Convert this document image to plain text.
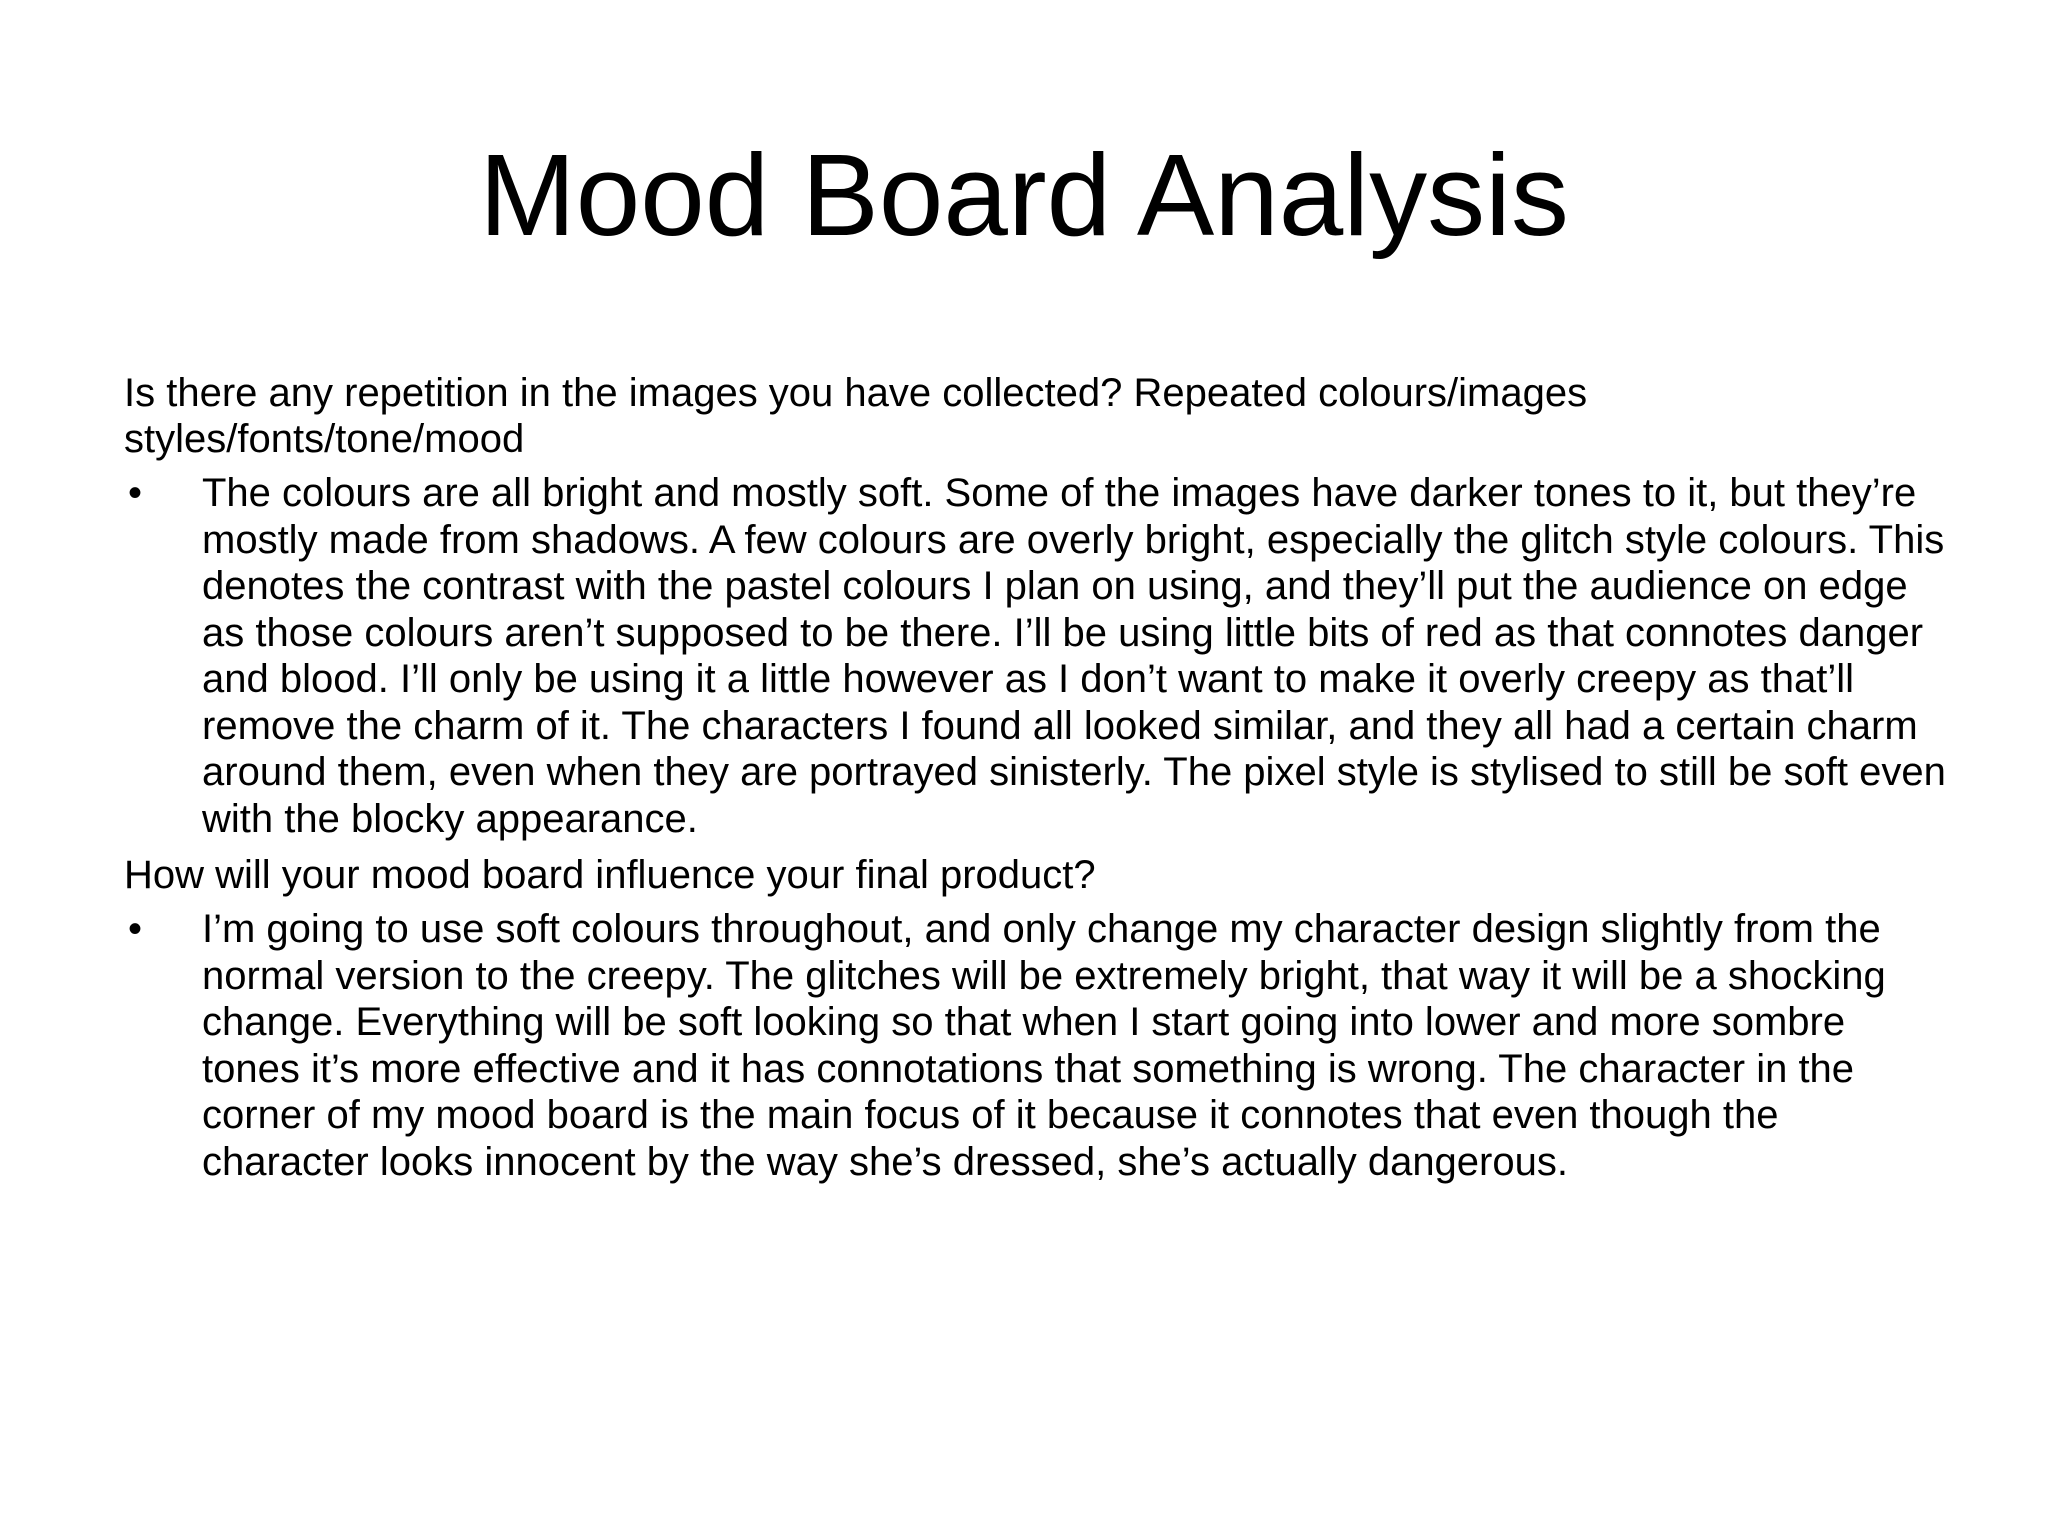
Mood Board Analysis

Is there any repetition in the images you have collected? Repeated colours/images styles/fonts/tone/mood

• The colours are all bright and mostly soft. Some of the images have darker tones to it, but they’re mostly made from shadows. A few colours are overly bright, especially the glitch style colours. This denotes the contrast with the pastel colours I plan on using, and they’ll put the audience on edge as those colours aren’t supposed to be there. I’ll be using little bits of red as that connotes danger and blood. I’ll only be using it a little however as I don’t want to make it overly creepy as that’ll remove the charm of it. The characters I found all looked similar, and they all had a certain charm around them, even when they are portrayed sinisterly. The pixel style is stylised to still be soft even with the blocky appearance.

How will your mood board influence your final product?

• I’m going to use soft colours throughout, and only change my character design slightly from the normal version to the creepy. The glitches will be extremely bright, that way it will be a shocking change. Everything will be soft looking so that when I start going into lower and more sombre tones it’s more effective and it has connotations that something is wrong. The character in the corner of my mood board is the main focus of it because it connotes that even though the character looks innocent by the way she’s dressed, she’s actually dangerous.
